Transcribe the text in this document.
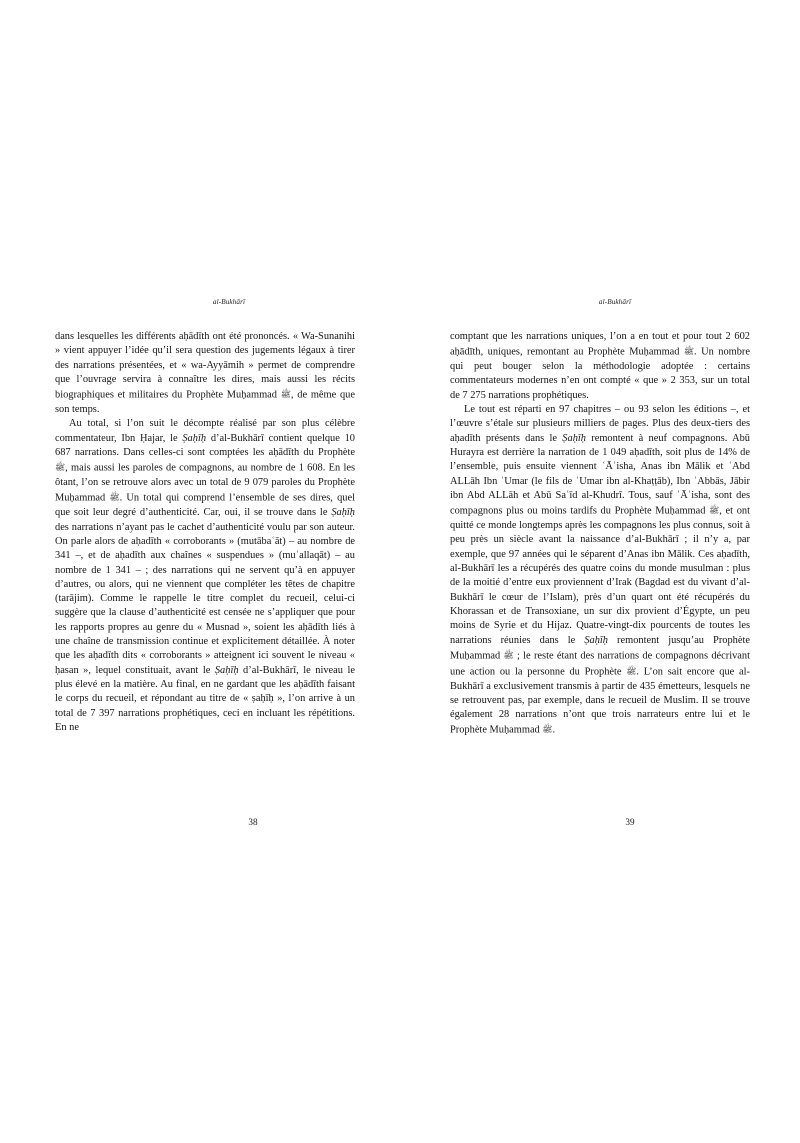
al-Bukhārī

dans lesquelles les différents aḥādīth ont été prononcés. « Wa-Sunanihi » vient appuyer l’idée qu’il sera question des jugements légaux à tirer des narrations présentées, et « wa-Ayyāmih » permet de comprendre que l’ouvrage servira à connaître les dires, mais aussi les récits biographiques et militaires du Prophète Muḥammad ﷺ, de même que son temps.

Au total, si l’on suit le décompte réalisé par son plus célèbre commentateur, Ibn Ḥajar, le Ṣaḥīḥ d’al-Bukhārī contient quelque 10 687 narrations. Dans celles-ci sont comptées les aḥādīth du Prophète ﷺ, mais aussi les paroles de compagnons, au nombre de 1 608. En les ôtant, l’on se retrouve alors avec un total de 9 079 paroles du Prophète Muḥammad ﷺ. Un total qui comprend l’ensemble de ses dires, quel que soit leur degré d’authenticité. Car, oui, il se trouve dans le Ṣaḥīḥ des narrations n’ayant pas le cachet d’authenticité voulu par son auteur. On parle alors de aḥadīth « corroborants » (mutābaʿāt) – au nombre de 341 –, et de aḥadīth aux chaînes « suspendues » (muʿallaqāt) – au nombre de 1 341 – ; des narrations qui ne servent qu’à en appuyer d’autres, ou alors, qui ne viennent que compléter les têtes de chapitre (tarājim). Comme le rappelle le titre complet du recueil, celui-ci suggère que la clause d’authenticité est censée ne s’appliquer que pour les rapports propres au genre du « Musnad », soient les aḥādīth liés à une chaîne de transmission continue et explicitement détaillée. À noter que les aḥadīth dits « corroborants » atteignent ici souvent le niveau « ḥasan », lequel constituait, avant le Ṣaḥīḥ d’al-Bukhārī, le niveau le plus élevé en la matière. Au final, en ne gardant que les aḥādīth faisant le corps du recueil, et répondant au titre de « ṣaḥīḥ », l’on arrive à un total de 7 397 narrations prophétiques, ceci en incluant les répétitions. En ne

38
al-Bukhārī

comptant que les narrations uniques, l’on a en tout et pour tout 2 602 aḥādīth, uniques, remontant au Prophète Muḥammad ﷺ. Un nombre qui peut bouger selon la méthodologie adoptée : certains commentateurs modernes n’en ont compté « que » 2 353, sur un total de 7 275 narrations prophétiques.

Le tout est réparti en 97 chapitres – ou 93 selon les éditions –, et l’œuvre s’étale sur plusieurs milliers de pages. Plus des deux-tiers des aḥadīth présents dans le Ṣaḥīḥ remontent à neuf compagnons. Abū Hurayra est derrière la narration de 1 049 aḥadīth, soit plus de 14% de l’ensemble, puis ensuite viennent ʿĀʾisha, Anas ibn Mālik et ʿAbd ALLāh Ibn ʿUmar (le fils de ʿUmar ibn al-Khaṭṭāb), Ibn ʿAbbās, Jābir ibn Abd ALLāh et Abū Saʿīd al-Khudrī. Tous, sauf ʿĀʾisha, sont des compagnons plus ou moins tardifs du Prophète Muḥammad ﷺ, et ont quitté ce monde longtemps après les compagnons les plus connus, soit à peu près un siècle avant la naissance d’al-Bukhārī ; il n’y a, par exemple, que 97 années qui le séparent d’Anas ibn Mālik. Ces aḥadīth, al-Bukhārī les a récupérés des quatre coins du monde musulman : plus de la moitié d’entre eux proviennent d’Irak (Bagdad est du vivant d’al-Bukhārī le cœur de l’Islam), près d’un quart ont été récupérés du Khorassan et de Transoxiane, un sur dix provient d’Égypte, un peu moins de Syrie et du Hijaz. Quatre-vingt-dix pourcents de toutes les narrations réunies dans le Ṣaḥīḥ remontent jusqu’au Prophète Muḥammad ﷺ ; le reste étant des narrations de compagnons décrivant une action ou la personne du Prophète ﷺ. L’on sait encore que al-Bukhārī a exclusivement transmis à partir de 435 émetteurs, lesquels ne se retrouvent pas, par exemple, dans le recueil de Muslim. Il se trouve également 28 narrations n’ont que trois narrateurs entre lui et le Prophète Muḥammad ﷺ.

39
